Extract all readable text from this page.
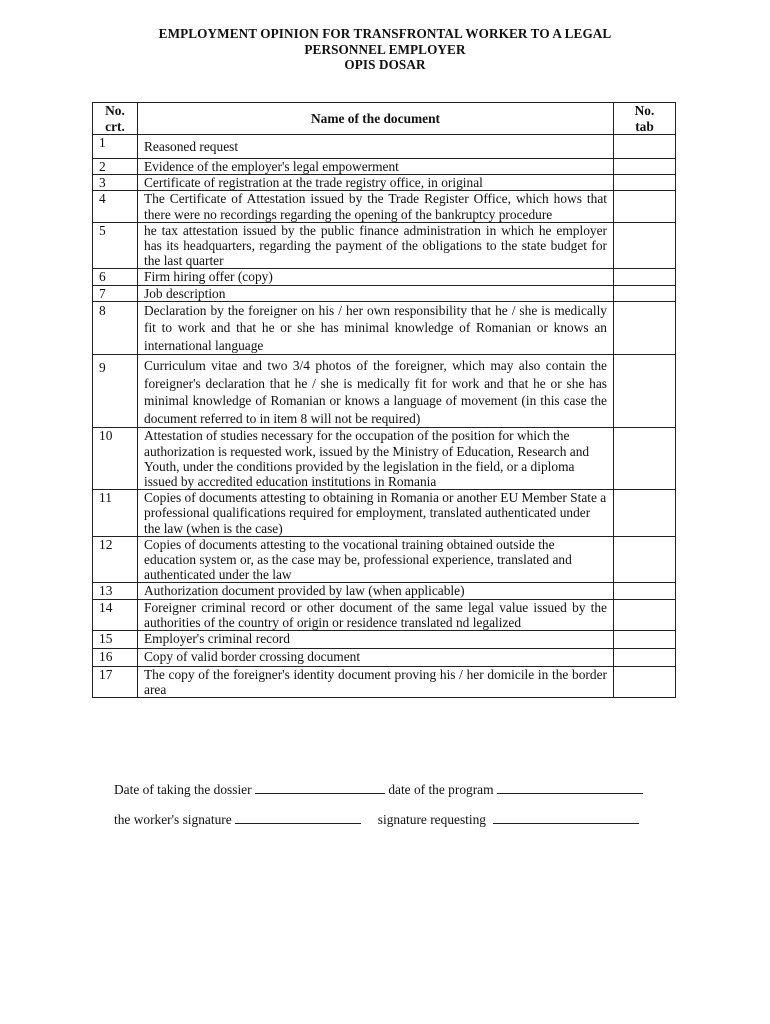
EMPLOYMENT OPINION FOR TRANSFRONTAL WORKER TO A LEGAL
PERSONNEL EMPLOYER
OPIS DOSAR
No. crt.	Name of the document	No. tab
1	Reasoned request	
2	Evidence of the employer's legal empowerment	
3	Certificate of registration at the trade registry office, in original	
4	The Certificate of Attestation issued by the Trade Register Office, which hows that there were no recordings regarding the opening of the bankruptcy procedure	
5	he tax attestation issued by the public finance administration in which he employer has its headquarters, regarding the payment of the obligations to the state budget for the last quarter	
6	Firm hiring offer (copy)	
7	Job description	
8	Declaration by the foreigner on his / her own responsibility that he / she is medically fit to work and that he or she has minimal knowledge of Romanian or knows an international language	
9	Curriculum vitae and two 3/4 photos of the foreigner, which may also contain the foreigner's declaration that he / she is medically fit for work and that he or she has minimal knowledge of Romanian or knows a language of movement (in this case the document referred to in item 8 will not be required)	
10	Attestation of studies necessary for the occupation of the position for which the authorization is requested work, issued by the Ministry of Education, Research and Youth, under the conditions provided by the legislation in the field, or a diploma issued by accredited education institutions in Romania	
11	Copies of documents attesting to obtaining in Romania or another EU Member State a professional qualifications required for employment, translated authenticated under the law (when is the case)	
12	Copies of documents attesting to the vocational training obtained outside the education system or, as the case may be, professional experience, translated and authenticated under the law	
13	Authorization document provided by law (when applicable)	
14	Foreigner criminal record or other document of the same legal value issued by the authorities of the country of origin or residence translated nd legalized	
15	Employer's criminal record	
16	Copy of valid border crossing document	
17	The copy of the foreigner's identity document proving his / her domicile in the border area	
Date of taking the dossier	date of the program
the worker's signature	signature requesting
